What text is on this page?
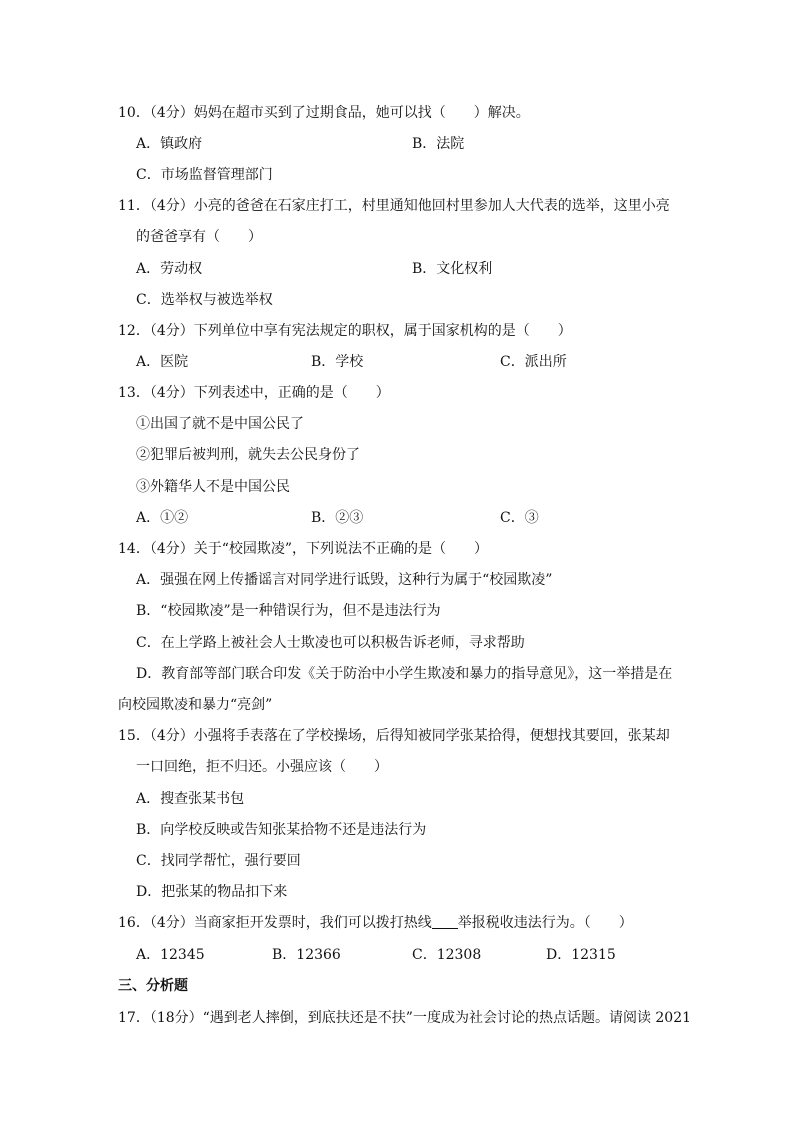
10．（4分）妈妈在超市买到了过期食品，她可以找（　　）解决。
A．镇政府	B．法院
C．市场监督管理部门
11．（4分）小亮的爸爸在石家庄打工，村里通知他回村里参加人大代表的选举，这里小亮
的爸爸享有（　　）
A．劳动权	B．文化权利
C．选举权与被选举权
12．（4分）下列单位中享有宪法规定的职权，属于国家机构的是（　　）
A．医院	B．学校	C．派出所
13．（4分）下列表述中，正确的是（　　）
①出国了就不是中国公民了
②犯罪后被判刑，就失去公民身份了
③外籍华人不是中国公民
A．①②	B．②③	C．③
14．（4分）关于“校园欺凌”，下列说法不正确的是（　　）
A．强强在网上传播谣言对同学进行诋毁，这种行为属于“校园欺凌”
B．“校园欺凌”是一种错误行为，但不是违法行为
C．在上学路上被社会人士欺凌也可以积极告诉老师，寻求帮助
D．教育部等部门联合印发《关于防治中小学生欺凌和暴力的指导意见》，这一举措是在
向校园欺凌和暴力“亮剑”
15．（4分）小强将手表落在了学校操场，后得知被同学张某拾得，便想找其要回，张某却
一口回绝，拒不归还。小强应该（　　）
A．搜查张某书包
B．向学校反映或告知张某拾物不还是违法行为
C．找同学帮忙，强行要回
D．把张某的物品扣下来
16．（4分）当商家拒开发票时，我们可以拨打热线 举报税收违法行为。（　　）
A．12345	B．12366	C．12308	D．12315
三、分析题
17．（18分）“遇到老人摔倒，到底扶还是不扶”一度成为社会讨论的热点话题。请阅读 2021
